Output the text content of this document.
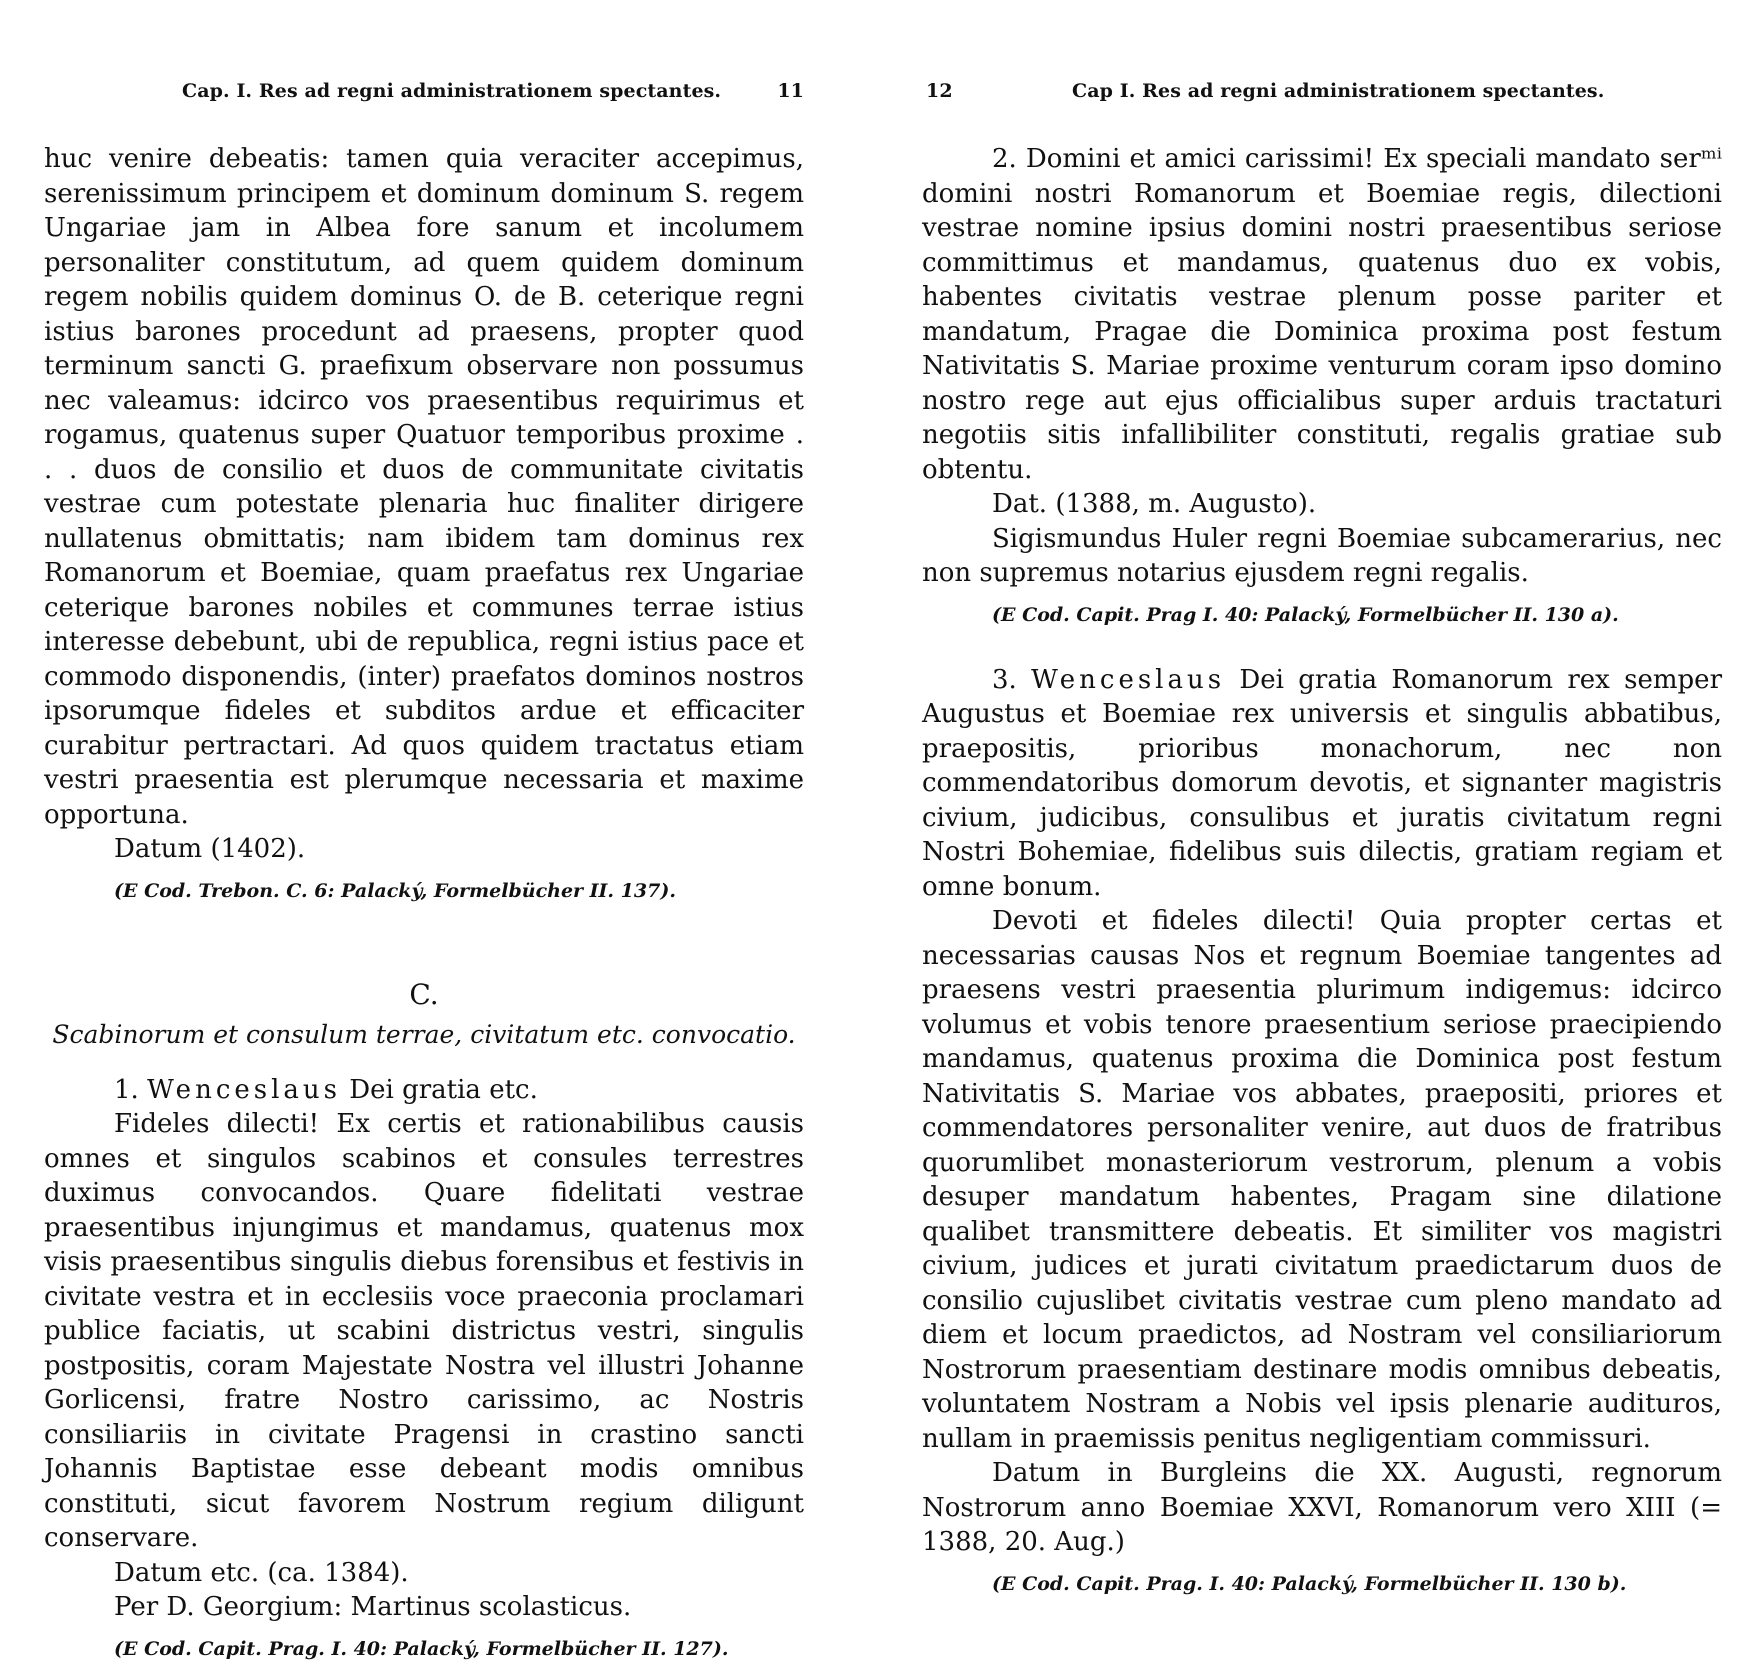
Cap. I. Res ad regni administrationem spectantes.	11

huc venire debeatis: tamen quia veraciter accepimus, serenissimum principem et dominum dominum S. regem Ungariae jam in Albea fore sanum et incolumem personaliter constitutum, ad quem quidem dominum regem nobilis quidem dominus O. de B. ceterique regni istius barones procedunt ad praesens, propter quod terminum sancti G. praefixum observare non possumus nec valeamus: idcirco vos praesentibus requirimus et rogamus, quatenus super Quatuor temporibus proxime . . . duos de consilio et duos de communitate civitatis vestrae cum potestate plenaria huc finaliter dirigere nullatenus obmittatis; nam ibidem tam dominus rex Romanorum et Boemiae, quam praefatus rex Ungariae ceterique barones nobiles et communes terrae istius interesse debebunt, ubi de republica, regni istius pace et commodo disponendis, (inter) praefatos dominos nostros ipsorumque fideles et subditos ardue et efficaciter curabitur pertractari. Ad quos quidem tractatus etiam vestri praesentia est plerumque necessaria et maxime opportuna.

Datum (1402).

(E Cod. Trebon. C. 6: Palacký, Formelbücher II. 137).

C.
Scabinorum et consulum terrae, civitatum etc. convocatio.

1. Wenceslaus Dei gratia etc.

Fideles dilecti! Ex certis et rationabilibus causis omnes et singulos scabinos et consules terrestres duximus convocandos. Quare fidelitati vestrae praesentibus injungimus et mandamus, quatenus mox visis praesentibus singulis diebus forensibus et festivis in civitate vestra et in ecclesiis voce praeconia proclamari publice faciatis, ut scabini districtus vestri, singulis postpositis, coram Majestate Nostra vel illustri Johanne Gorlicensi, fratre Nostro carissimo, ac Nostris consiliariis in civitate Pragensi in crastino sancti Johannis Baptistae esse debeant modis omnibus constituti, sicut favorem Nostrum regium diligunt conservare.

Datum etc. (ca. 1384).

Per D. Georgium: Martinus scolasticus.

(E Cod. Capit. Prag. I. 40: Palacký, Formelbücher II. 127).

12	Cap I. Res ad regni administrationem spectantes.

2. Domini et amici carissimi! Ex speciali mandato serᵐⁱ domini nostri Romanorum et Boemiae regis, dilectioni vestrae nomine ipsius domini nostri praesentibus seriose committimus et mandamus, quatenus duo ex vobis, habentes civitatis vestrae plenum posse pariter et mandatum, Pragae die Dominica proxima post festum Nativitatis S. Mariae proxime venturum coram ipso domino nostro rege aut ejus officialibus super arduis tractaturi negotiis sitis infallibiliter constituti, regalis gratiae sub obtentu.

Dat. (1388, m. Augusto).

Sigismundus Huler regni Boemiae subcamerarius, nec non supremus notarius ejusdem regni regalis.

(E Cod. Capit. Prag I. 40: Palacký, Formelbücher II. 130 a).

3. Wenceslaus Dei gratia Romanorum rex semper Augustus et Boemiae rex universis et singulis abbatibus, praepositis, prioribus monachorum, nec non commendatoribus domorum devotis, et signanter magistris civium, judicibus, consulibus et juratis civitatum regni Nostri Bohemiae, fidelibus suis dilectis, gratiam regiam et omne bonum.

Devoti et fideles dilecti! Quia propter certas et necessarias causas Nos et regnum Boemiae tangentes ad praesens vestri praesentia plurimum indigemus: idcirco volumus et vobis tenore praesentium seriose praecipiendo mandamus, quatenus proxima die Dominica post festum Nativitatis S. Mariae vos abbates, praepositi, priores et commendatores personaliter venire, aut duos de fratribus quorumlibet monasteriorum vestrorum, plenum a vobis desuper mandatum habentes, Pragam sine dilatione qualibet transmittere debeatis. Et similiter vos magistri civium, judices et jurati civitatum praedictarum duos de consilio cujuslibet civitatis vestrae cum pleno mandato ad diem et locum praedictos, ad Nostram vel consiliariorum Nostrorum praesentiam destinare modis omnibus debeatis, voluntatem Nostram a Nobis vel ipsis plenarie audituros, nullam in praemissis penitus negligentiam commissuri.

Datum in Burgleins die XX. Augusti, regnorum Nostrorum anno Boemiae XXVI, Romanorum vero XIII (= 1388, 20. Aug.)

(E Cod. Capit. Prag. I. 40: Palacký, Formelbücher II. 130 b).
